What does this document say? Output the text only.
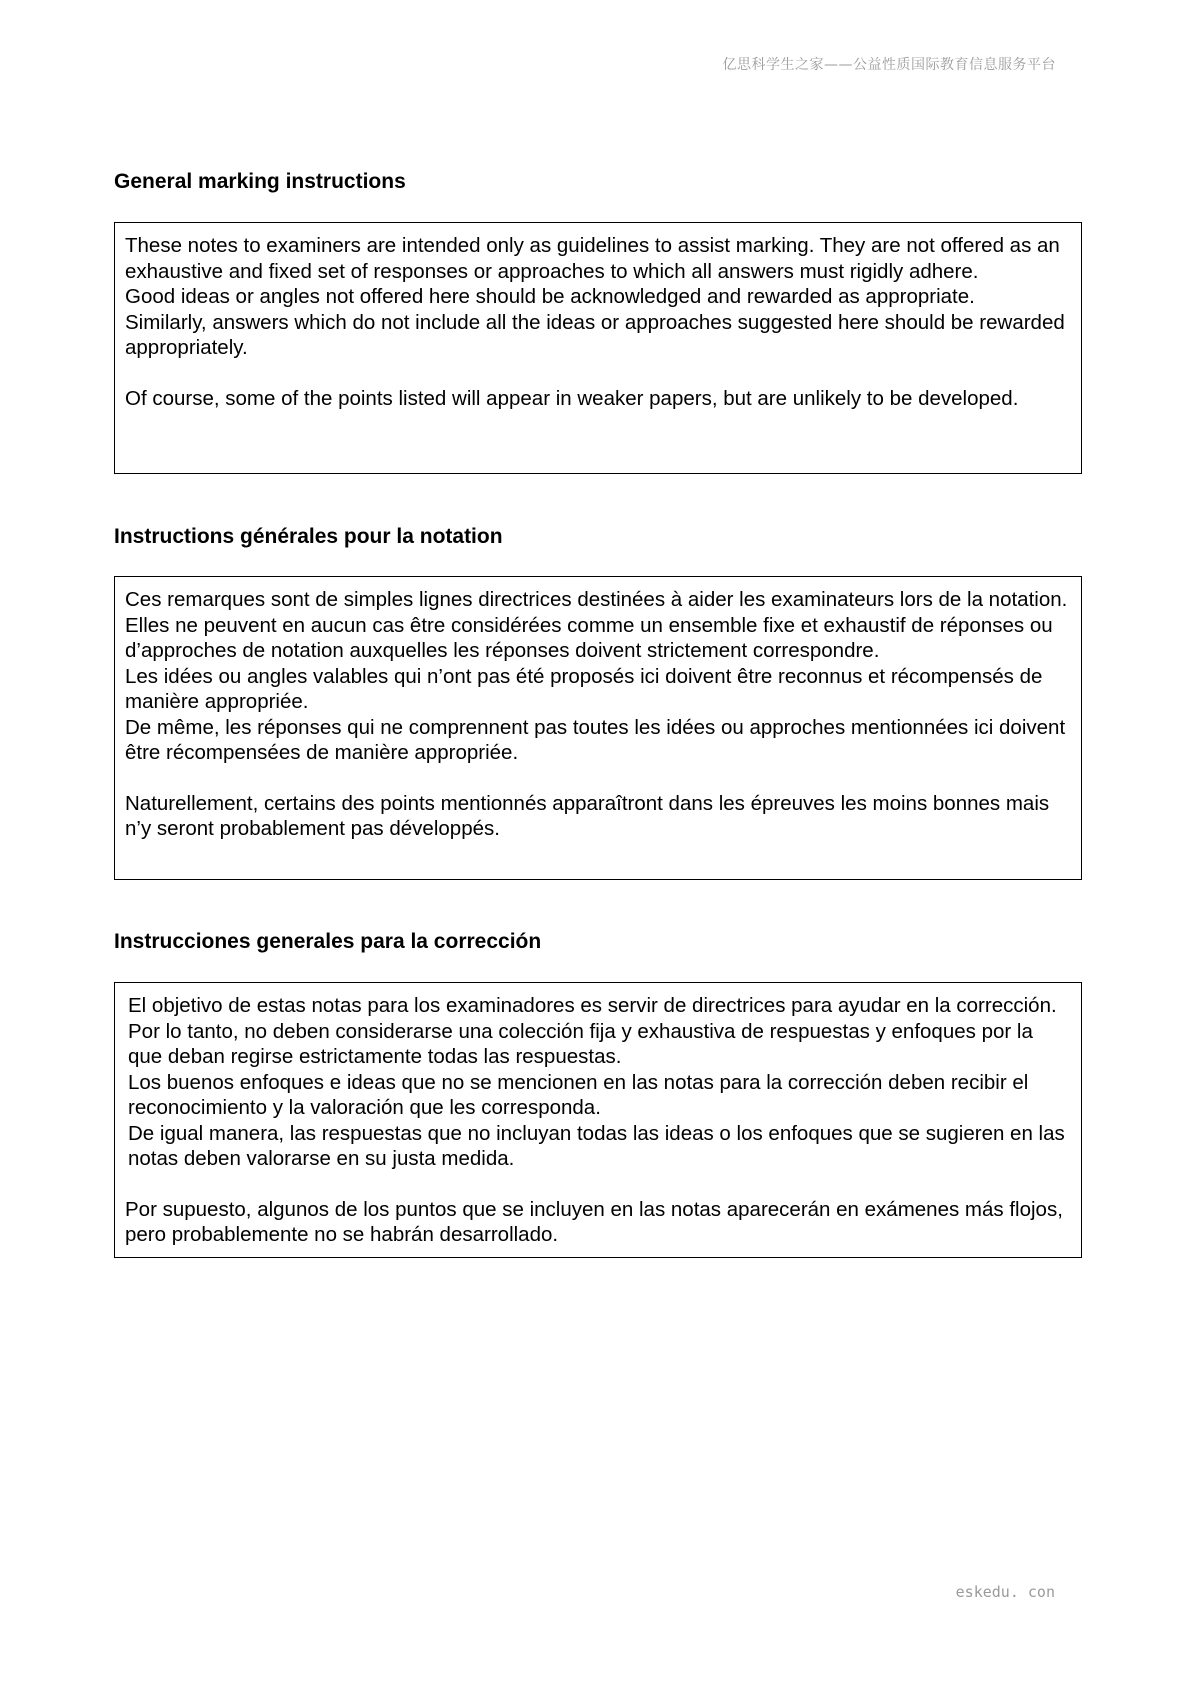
亿思科学生之家——公益性质国际教育信息服务平台
General marking instructions

These notes to examiners are intended only as guidelines to assist marking. They are not offered as an exhaustive and fixed set of responses or approaches to which all answers must rigidly adhere.

Good ideas or angles not offered here should be acknowledged and rewarded as appropriate.

Similarly, answers which do not include all the ideas or approaches suggested here should be rewarded appropriately.

Of course, some of the points listed will appear in weaker papers, but are unlikely to be developed.

Instructions générales pour la notation

Ces remarques sont de simples lignes directrices destinées à aider les examinateurs lors de la notation. Elles ne peuvent en aucun cas être considérées comme un ensemble fixe et exhaustif de réponses ou d’approches de notation auxquelles les réponses doivent strictement correspondre.

Les idées ou angles valables qui n’ont pas été proposés ici doivent être reconnus et récompensés de manière appropriée.

De même, les réponses qui ne comprennent pas toutes les idées ou approches mentionnées ici doivent être récompensées de manière appropriée.

Naturellement, certains des points mentionnés apparaîtront dans les épreuves les moins bonnes mais n’y seront probablement pas développés.

Instrucciones generales para la corrección

El objetivo de estas notas para los examinadores es servir de directrices para ayudar en la corrección. Por lo tanto, no deben considerarse una colección fija y exhaustiva de respuestas y enfoques por la que deban regirse estrictamente todas las respuestas.

Los buenos enfoques e ideas que no se mencionen en las notas para la corrección deben recibir el reconocimiento y la valoración que les corresponda.

De igual manera, las respuestas que no incluyan todas las ideas o los enfoques que se sugieren en las notas deben valorarse en su justa medida.

Por supuesto, algunos de los puntos que se incluyen en las notas aparecerán en exámenes más flojos, pero probablemente no se habrán desarrollado.

eskedu. con
